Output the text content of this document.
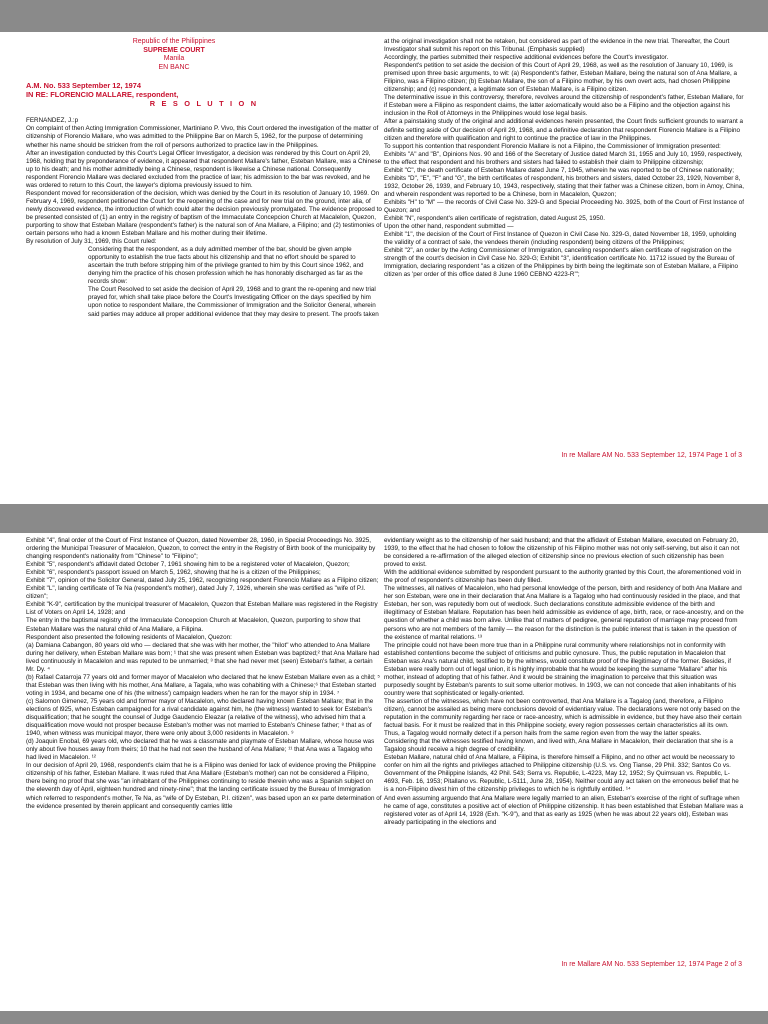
Republic of the Philippines

SUPREME COURT

Manila

EN BANC

A.M. No. 533 September 12, 1974

IN RE: FLORENCIO MALLARE, respondent,

R E S O L U T I O N

FERNANDEZ, J.:p

On complaint of then Acting Immigration Commissioner, Martiniano P. Vivo, this Court ordered the investigation of the matter of citizenship of Florencio Mallare, who was admitted to the Philippine Bar on March 5, 1962, for the purpose of determining whether his name should be stricken from the roll of persons authorized to practice law in the Philippines.

After an investigation conducted by this Court's Legal Officer Investigator, a decision was rendered by this Court on April 29, 1968, holding that by preponderance of evidence, it appeared that respondent Mallare's father, Esteban Mallare, was a Chinese up to his death; and his mother admittedly being a Chinese, respondent is likewise a Chinese national. Consequently respondent Florencio Mallare was declared excluded from the practice of law; his admission to the bar was revoked, and he was ordered to return to this Court, the lawyer's diploma previously issued to him.

Respondent moved for reconsideration of the decision, which was denied by the Court in its resolution of January 10, 1969. On February 4, 1969, respondent petitioned the Court for the reopening of the case and for new trial on the ground, inter alia, of newly discovered evidence, the introduction of which could alter the decision previously promulgated. The evidence proposed to be presented consisted of (1) an entry in the registry of baptism of the Immaculate Concepcion Church at Macalelon, Quezon, purporting to show that Esteban Mallare (respondent's father) is the natural son of Ana Mallare, a Filipino; and (2) testimonies of certain persons who had a known Esteban Mallare and his mother during their lifetime.

By resolution of July 31, 1969, this Court ruled:

Considering that the respondent, as a duly admitted member of the bar, should be given ample opportunity to establish the true facts about his citizenship and that no effort should be spared to ascertain the truth before stripping him of the privilege granted to him by this Court since 1962, and denying him the practice of his chosen profession which he has honorably discharged as far as the records show:

The Court Resolved to set aside the decision of April 29, 1968 and to grant the re-opening and new trial prayed for, which shall take place before the Court's Investigating Officer on the days specified by him upon notice to respondent Mallare, the Commissioner of Immigration and the Solicitor General, wherein said parties may adduce all proper additional evidence that they may desire to present. The proofs taken

at the original investigation shall not be retaken, but considered as part of the evidence in the new trial. Thereafter, the Court Investigator shall submit his report on this Tribunal. (Emphasis supplied)

Accordingly, the parties submitted their respective additional evidences before the Court's investigator.

Respondent's petition to set aside the decision of this Court of April 29, 1968, as well as the resolution of January 10, 1969, is premised upon three basic arguments, to wit: (a) Respondent's father, Esteban Mallare, being the natural son of Ana Mallare, a Filipino, was a Filipino citizen; (b) Esteban Mallare, the son of a Filipino mother, by his own overt acts, had chosen Philippine citizenship; and (c) respondent, a legitimate son of Esteban Mallare, is a Filipino citizen.

The determinative issue in this controversy, therefore, revolves around the citizenship of respondent's father, Esteban Mallare, for if Esteban were a Filipino as respondent claims, the latter axiomatically would also be a Filipino and the objection against his inclusion in the Roll of Attorneys in the Philippines would lose legal basis.

After a painstaking study of the original and additional evidences herein presented, the Court finds sufficient grounds to warrant a definite setting aside of Our decision of April 29, 1968, and a definitive declaration that respondent Florencio Mallare is a Filipino citizen and therefore with qualification and right to continue the practice of law in the Philippines.

To support his contention that respondent Florencio Mallare is not a Filipino, the Commissioner of Immigration presented:

Exhibits "A" and "B", Opinions Nos. 90 and 166 of the Secretary of Justice dated March 31, 1955 and July 10, 1959, respectively, to the effect that respondent and his brothers and sisters had failed to establish their claim to Philippine citizenship;

Exhibit "C", the death certificate of Esteban Mallare dated June 7, 1945, wherein he was reported to be of Chinese nationality;

Exhibits "D", "E", "F" and "G", the birth certificates of respondent, his brothers and sisters, dated October 23, 1929, November 8, 1932, October 26, 1939, and February 10, 1943, respectively, stating that their father was a Chinese citizen, born in Amoy, China, and wherein respondent was reported to be a Chinese, born in Macalelon, Quezon;

Exhibits "H" to "M" — the records of Civil Case No. 329-G and Special Proceeding No. 3925, both of the Court of First Instance of Quezon; and

Exhibit "N", respondent's alien certificate of registration, dated August 25, 1950.

Upon the other hand, respondent submitted —

Exhibit "1", the decision of the Court of First Instance of Quezon in Civil Case No. 329-G, dated November 18, 1959, upholding the validity of a contract of sale, the vendees therein (including respondent) being citizens of the Philippines;

Exhibit "2", an order by the Acting Commissioner of Immigration, canceling respondent's alien certificate of registration on the strength of the court's decision in Civil Case No. 329-G; Exhibit "3", identification certificate No. 11712 issued by the Bureau of Immigration, declaring respondent "as a citizen of the Philippines by birth being the legitimate son of Esteban Mallare, a Filipino citizen as 'per order of this office dated 8 June 1960 CEBNO 4223-R'";

In re Mallare AM No. 533 September 12, 1974 Page 1 of 3

Exhibit "4", final order of the Court of First Instance of Quezon, dated November 28, 1960, in Special Proceedings No. 3925, ordering the Municipal Treasurer of Macalelon, Quezon, to correct the entry in the Registry of Birth book of the municipality by changing respondent's nationality from "Chinese" to "Filipino";

Exhibit "5", respondent's affidavit dated October 7, 1961 showing him to be a registered voter of Macalelon, Quezon;

Exhibit "6", respondent's passport issued on March 5, 1962, showing that he is a citizen of the Philippines;

Exhibit "7", opinion of the Solicitor General, dated July 25, 1962, recognizing respondent Florencio Mallare as a Filipino citizen;

Exhibit "L", landing certificate of Te Na (respondent's mother), dated July 7, 1926, wherein she was certified as "wife of P.I. citizen";

Exhibit "K-9", certification by the municipal treasurer of Macalelon, Quezon that Esteban Mallare was registered in the Registry List of Voters on April 14, 1928; and

The entry in the baptismal registry of the Immaculate Concepcion Church at Macalelon, Quezon, purporting to show that Esteban Mallare was the natural child of Ana Mallare, a Filipina.

Respondent also presented the following residents of Macalelon, Quezon:

(a) Damiana Cabangon, 80 years old who — declared that she was with her mother, the "hilot" who attended to Ana Mallare during her delivery, when Esteban Mallare was born; ¹ that she was present when Esteban was baptized;² that Ana Mallare had lived continuously in Macalelon and was reputed to be unmarried; ³ that she had never met (seen) Esteban's father, a certain Mr. Dy. ⁴

(b) Rafael Catarroja 77 years old and former mayor of Macalelon who declared that he knew Esteban Mallare even as a child; ⁵ that Esteban was then living with his mother, Ana Mallare, a Tagala, who was cohabiting with a Chinese;⁶ that Esteban started voting in 1934, and became one of his (the witness') campaign leaders when he ran for the mayor ship in 1934. ⁷

(c) Salomon Gimenez, 75 years old and former mayor of Macalelon, who declared having known Esteban Mallare; that in the elections of l925, when Esteban campaigned for a rival candidate against him, he (the witness) wanted to seek for Esteban's disqualification; that he sought the counsel of Judge Gaudencio Eleazar (a relative of the witness), who advised him that a disqualification move would not prosper because Esteban's mother was not married to Esteban's Chinese father; ⁸ that as of 1940, when witness was municipal mayor, there were only about 3,000 residents in Macalelon. ⁹

(d) Joaquin Enobal, 69 years old, who declared that he was a classmate and playmate of Esteban Mallare, whose house was only about five houses away from theirs; 10 that he had not seen the husband of Ana Mallare; ¹¹ that Ana was a Tagalog who had lived in Macalelon. ¹²

In our decision of April 29, 1968, respondent's claim that he is a Filipino was denied for lack of evidence proving the Philippine citizenship of his father, Esteban Mallare. It was ruled that Ana Mallare (Esteban's mother) can not be considered a Filipino, there being no proof that she was "an inhabitant of the Philippines continuing to reside therein who was a Spanish subject on the eleventh day of April, eighteen hundred and ninety-nine"; that the landing certificate issued by the Bureau of Immigration which referred to respondent's mother, Te Na, as "wife of Dy Esteban, P.I. citizen", was based upon an ex parte determination of the evidence presented by therein applicant and consequently carries little

evidentiary weight as to the citizenship of her said husband; and that the affidavit of Esteban Mallare, executed on February 20, 1939, to the effect that he had chosen to follow the citizenship of his Filipino mother was not only self-serving, but also it can not be considered a re-affirmation of the alleged election of citizenship since no previous election of such citizenship has been proved to exist.

With the additional evidence submitted by respondent pursuant to the authority granted by this Court, the aforementioned void in the proof of respondent's citizenship has been duly filled.

The witnesses, all natives of Macalelon, who had personal knowledge of the person, birth and residency of both Ana Mallare and her son Esteban, were one in their declaration that Ana Mallare is a Tagalog who had continuously resided in the place, and that Esteban, her son, was reputedly born out of wedlock. Such declarations constitute admissible evidence of the birth and illegitimacy of Esteban Mallare. Reputation has been held admissible as evidence of age, birth, race, or race-ancestry, and on the question of whether a child was born alive. Unlike that of matters of pedigree, general reputation of marriage may proceed from persons who are not members of the family — the reason for the distinction is the public interest that is taken in the question of the existence of marital relations. ¹³

The principle could not have been more true than in a Philippine rural community where relationships not in conformity with established contentions become the subject of criticisms and public cynosure. Thus, the public reputation in Macalelon that Esteban was Ana's natural child, testified to by the witness, would constitute proof of the illegitimacy of the former. Besides, if Esteban were really born out of legal union, it is highly improbable that he would be keeping the surname "Mallare" after his mother, instead of adopting that of his father. And it would be straining the imagination to perceive that this situation was purposedly sought by Esteban's parents to suit some ulterior motives. In 1903, we can not concede that alien inhabitants of his country were that sophisticated or legally-oriented.

The assertion of the witnesses, which have not been controverted, that Ana Mallare is a Tagalog (and, therefore, a Filipino citizen), cannot be assailed as being mere conclusions devoid of evidentiary value. The declarations were not only based on the reputation in the community regarding her race or race-ancestry, which is admissible in evidence, but they have also their certain factual basis. For it must be realized that in this Philippine society, every region possesses certain characteristics all its own. Thus, a Tagalog would normally detect if a person hails from the same region even from the way the latter speaks.

Considering that the witnesses testified having known, and lived with, Ana Mallare in Macalelon, their declaration that she is a Tagalog should receive a high degree of credibility.

Esteban Mallare, natural child of Ana Mallare, a Filipina, is therefore himself a Filipino, and no other act would be necessary to confer on him all the rights and privileges attached to Philippine citizenship (U.S. vs. Ong Tianse, 29 Phil. 332; Santos Co vs. Government of the Philippine Islands, 42 Phil. 543; Serra vs. Republic, L-4223, May 12, 1952; Sy Quimsuan vs. Republic, L-4693, Feb. 16, 1953; Pitallano vs. Republic, L-5111, June 28, 1954). Neither could any act taken on the erroneous belief that he is a non-Filipino divest him of the citizenship privileges to which he is rightfully entitled. ¹⁴

And even assuming arguendo that Ana Mallare were legally married to an alien, Esteban's exercise of the right of suffrage when he came of age, constitutes a positive act of election of Philippine citizenship. It has been established that Esteban Mallare was a registered voter as of April 14, 1928 (Exh. "K-9"), and that as early as 1925 (when he was about 22 years old), Esteban was already participating in the elections and

In re Mallare AM No. 533 September 12, 1974 Page 2 of 3
